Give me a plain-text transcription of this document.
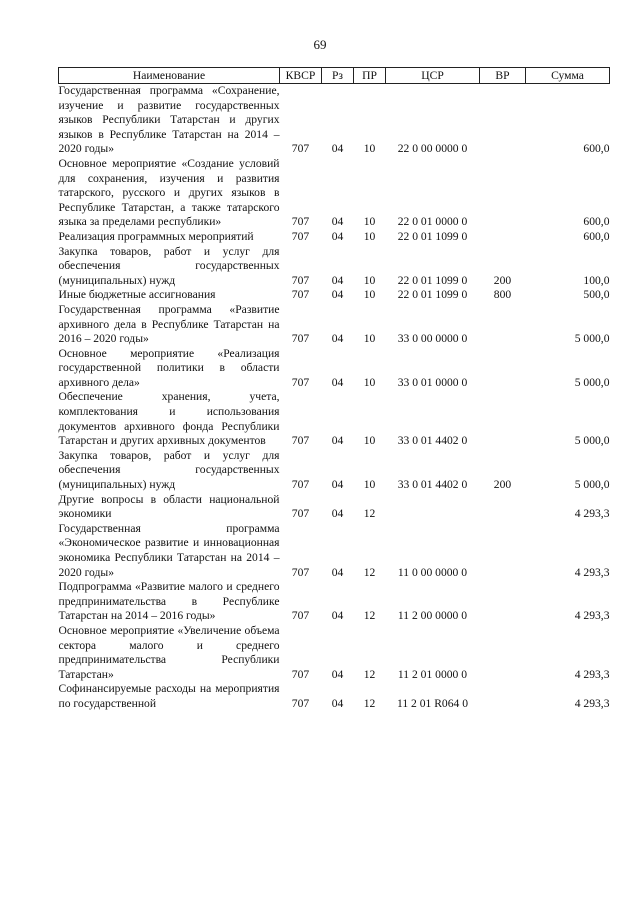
69
Наименование	КВСР	Рз	ПР	ЦСР	ВР	Сумма
Государственная программа «Сохранение, изучение и развитие государственных языков Республики Татарстан и других языков в Республике Татарстан на 2014 – 2020 годы»	707	04	10	22 0 00 0000 0		600,0
Основное мероприятие «Создание условий для сохранения, изучения и развития татарского, русского и других языков в Республике Татарстан, а также татарского языка за пределами республики»	707	04	10	22 0 01 0000 0		600,0
Реализация программных мероприятий	707	04	10	22 0 01 1099 0		600,0
Закупка товаров, работ и услуг для обеспечения государственных (муниципальных) нужд	707	04	10	22 0 01 1099 0	200	100,0
Иные бюджетные ассигнования	707	04	10	22 0 01 1099 0	800	500,0
Государственная программа «Развитие архивного дела в Республике Татарстан на 2016 – 2020 годы»	707	04	10	33 0 00 0000 0		5 000,0
Основное мероприятие «Реализация государственной политики в области архивного дела»	707	04	10	33 0 01 0000 0		5 000,0
Обеспечение хранения, учета, комплектования и использования документов архивного фонда Республики Татарстан и других архивных документов	707	04	10	33 0 01 4402 0		5 000,0
Закупка товаров, работ и услуг для обеспечения государственных (муниципальных) нужд	707	04	10	33 0 01 4402 0	200	5 000,0
Другие вопросы в области национальной экономики	707	04	12			4 293,3
Государственная программа «Экономическое развитие и инновационная экономика Республики Татарстан на 2014 – 2020 годы»	707	04	12	11 0 00 0000 0		4 293,3
Подпрограмма «Развитие малого и среднего предпринимательства в Республике Татарстан на 2014 – 2016 годы»	707	04	12	11 2 00 0000 0		4 293,3
Основное мероприятие «Увеличение объема сектора малого и среднего предпринимательства Республики Татарстан»	707	04	12	11 2 01 0000 0		4 293,3
Софинансируемые расходы на мероприятия по государственной	707	04	12	11 2 01 R064 0		4 293,3
